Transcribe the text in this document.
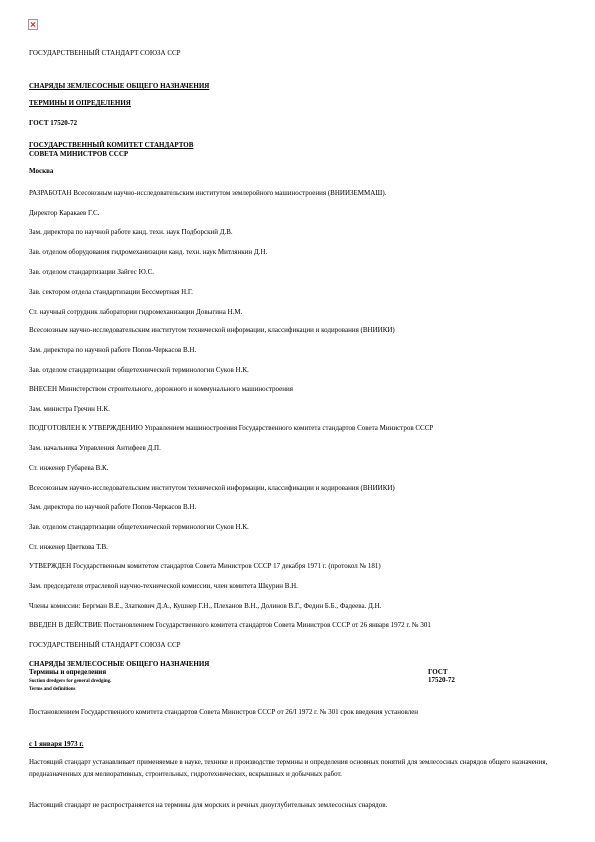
ГОСУДАРСТВЕННЫЙ СТАНДАРТ СОЮЗА ССР
СНАРЯДЫ ЗЕМЛЕСОСНЫЕ ОБЩЕГО НАЗНАЧЕНИЯ
ТЕРМИНЫ И ОПРЕДЕЛЕНИЯ
ГОСТ 17520-72
ГОСУДАРСТВЕННЫЙ КОМИТЕТ СТАНДАРТОВ
СОВЕТА МИНИСТРОВ СССР
Москва
РАЗРАБОТАН Всесоюзным научно-исследовательским институтом землеройного машиностроения (ВНИИЗЕММАШ).
Директор Каракаев Г.С.
Зам. директора по научной работе канд. техн. наук Подборский Д.В.
Зав. отделом оборудования гидромеханизации канд. техн. наук Митлянкин Д.Н.
Зав. отделом стандартизации Зайгес Ю.С.
Зав. сектором отдела стандартизации Бессмертная Н.Г.
Ст. научный сотрудник лаборатории гидромеханизации Довыгина Н.М.
Всесоюзным научно-исследовательским институтом технической информации, классификации и кодирования (ВНИИКИ)
Зам. директора по научной работе Попов-Черкасов В.Н.
Зав. отделом стандартизации общетехнической терминологии Суков Н.К.
ВНЕСЕН Министерством строительного, дорожного и коммунального машиностроения
Зам. министра Гречин Н.К.
ПОДГОТОВЛЕН К УТВЕРЖДЕНИЮ Управлением машиностроения Государственного комитета стандартов Совета Министров СССР
Зам. начальника Управления Антифеев Д.П.
Ст. инженер Губарева В.К.
Всесоюзным научно-исследовательским институтом технической информации, классификации и кодирования (ВНИИКИ)
Зам. директора по научной работе Попов-Черкасов В.Н.
Зав. отделом стандартизации общетехнической терминологии Суков Н.К.
Ст. инженер Цветкова Т.В.
УТВЕРЖДЕН Государственным комитетом стандартов Совета Министров СССР 17 декабря 1971 г. (протокол № 181)
Зам. председателя отраслевой научно-технической комиссии, член комитета Шкурин В.Н.
Члены комиссии: Бергман В.Е., Златкович Д.А., Кушнер Г.Н., Плеханов В.Н., Долинов В.Г., Федин Б.Б., Фадеева. Д.Н.
ВВЕДЕН В ДЕЙСТВИЕ Постановлением Государственного комитета стандартов Совета Министров СССР от 26 января 1972 г. № 301
ГОСУДАРСТВЕННЫЙ СТАНДАРТ СОЮЗА ССР
СНАРЯДЫ ЗЕМЛЕСОСНЫЕ ОБЩЕГО НАЗНАЧЕНИЯ
Термины и определения	ГОСТ
Suction dredgers for general dredging.	17520-72
Terms and definitions
Постановлением Государственного комитета стандартов Совета Министров СССР от 26/I 1972 г. № 301 срок введения установлен
с 1 января 1973 г.
Настоящий стандарт устанавливает применяемые в науке, технике и производстве термины и определения основных понятий для землесосных снарядов общего назначения, предназначенных для мелиоративных, строительных, гидротехнических, вскрышных и добычных работ.
Настоящий стандарт не распространяется на термины для морских и речных дноуглубительных землесосных снарядов.
